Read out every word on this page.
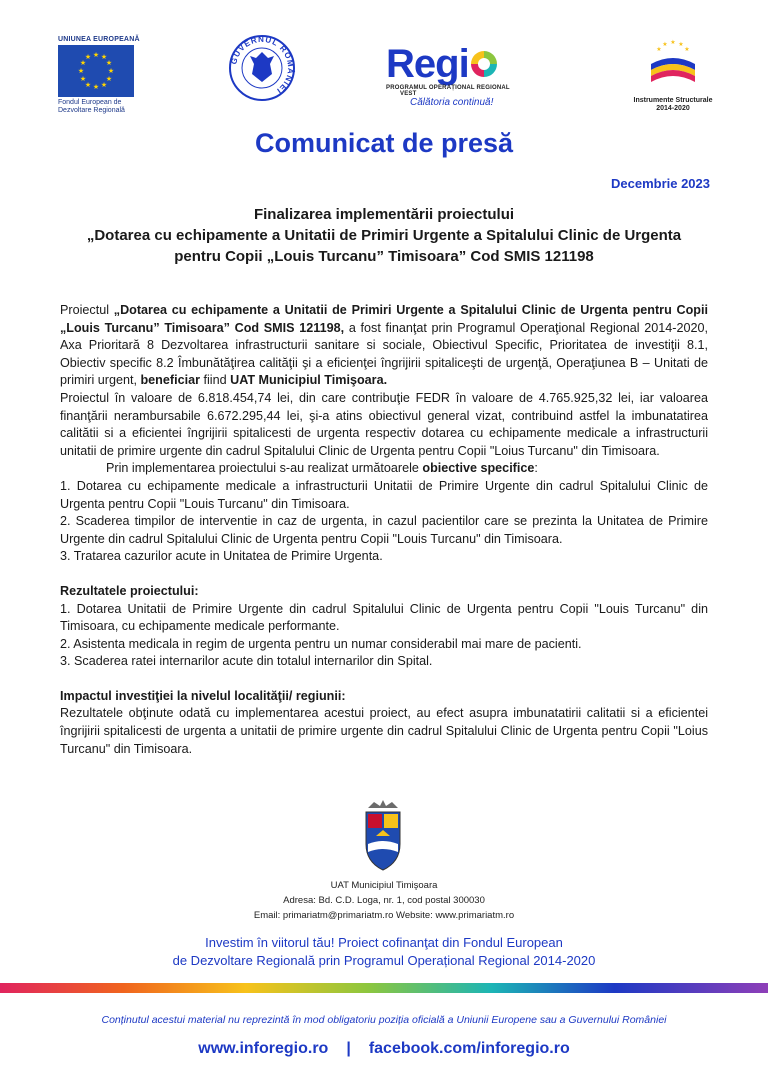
UNIUNEA EUROPEANĂ
★ ★
★
★
★
★
★
★
★
★
★
★
Fondul European de
Dezvoltare Regională
GUVERNUL ROMÂNIEI
Regi
PROGRAMUL OPERAȚIONAL REGIONAL VEST
Călătoria continuă!
★ ★
★
★
★
Instrumente Structurale
2014-2020
Comunicat de presă
Decembrie 2023
Finalizarea implementării proiectului
„Dotarea cu echipamente a Unitatii de Primiri Urgente a Spitalului Clinic de Urgenta
pentru Copii „Louis Turcanu” Timisoara” Cod SMIS 121198

Proiectul „Dotarea cu echipamente a Unitatii de Primiri Urgente a Spitalului Clinic de Urgenta pentru Copii „Louis Turcanu” Timisoara” Cod SMIS 121198, a fost finanţat prin Programul Operaţional Regional 2014-2020, Axa Prioritară 8 Dezvoltarea infrastructurii sanitare si sociale, Obiectivul Specific, Prioritatea de investiţii 8.1, Obiectiv specific 8.2 Îmbunătăţirea calităţii şi a eficienţei îngrijirii spitaliceşti de urgenţă, Operaţiunea B – Unitati de primiri urgent, beneficiar fiind UAT Municipiul Timişoara.

Proiectul în valoare de 6.818.454,74 lei, din care contribuţie FEDR în valoare de 4.765.925,32 lei, iar valoarea finanţării nerambursabile 6.672.295,44 lei, şi-a atins obiectivul general vizat, contribuind astfel la imbunatatirea calitătii si a eficientei îngrijirii spitalicesti de urgenta respectiv dotarea cu echipamente medicale a infrastructurii unitatii de primire urgente din cadrul Spitalului Clinic de Urgenta pentru Copii "Loius Turcanu" din Timisoara.

Prin implementarea proiectului s-au realizat următoarele obiective specifice:

1. Dotarea cu echipamente medicale a infrastructurii Unitatii de Primire Urgente din cadrul Spitalului Clinic de Urgenta pentru Copii "Louis Turcanu" din Timisoara.

2. Scaderea timpilor de interventie in caz de urgenta, in cazul pacientilor care se prezinta la Unitatea de Primire Urgente din cadrul Spitalului Clinic de Urgenta pentru Copii "Louis Turcanu" din Timisoara.

3. Tratarea cazurilor acute in Unitatea de Primire Urgenta.

Rezultatele proiectului:

1. Dotarea Unitatii de Primire Urgente din cadrul Spitalului Clinic de Urgenta pentru Copii "Louis Turcanu" din Timisoara, cu echipamente medicale performante.

2. Asistenta medicala in regim de urgenta pentru un numar considerabil mai mare de pacienti.

3. Scaderea ratei internarilor acute din totalul internarilor din Spital.

Impactul investiţiei la nivelul localităţii/ regiunii:

Rezultatele obţinute odată cu implementarea acestui proiect, au efect asupra imbunatatirii calitatii si a eficientei îngrijirii spitalicesti de urgenta a unitatii de primire urgente din cadrul Spitalului Clinic de Urgenta pentru Copii "Loius Turcanu" din Timisoara.

UAT Municipiul Timişoara
Adresa: Bd. C.D. Loga, nr. 1, cod postal 300030
Email: primariatm@primariatm.ro Website: www.primariatm.ro
Investim în viitorul tău! Proiect cofinanţat din Fondul European
de Dezvoltare Regională prin Programul Operațional Regional 2014-2020
Conținutul acestui material nu reprezintă în mod obligatoriu poziția oficială a Uniunii Europene sau a Guvernului României
www.inforegio.ro | facebook.com/inforegio.ro
